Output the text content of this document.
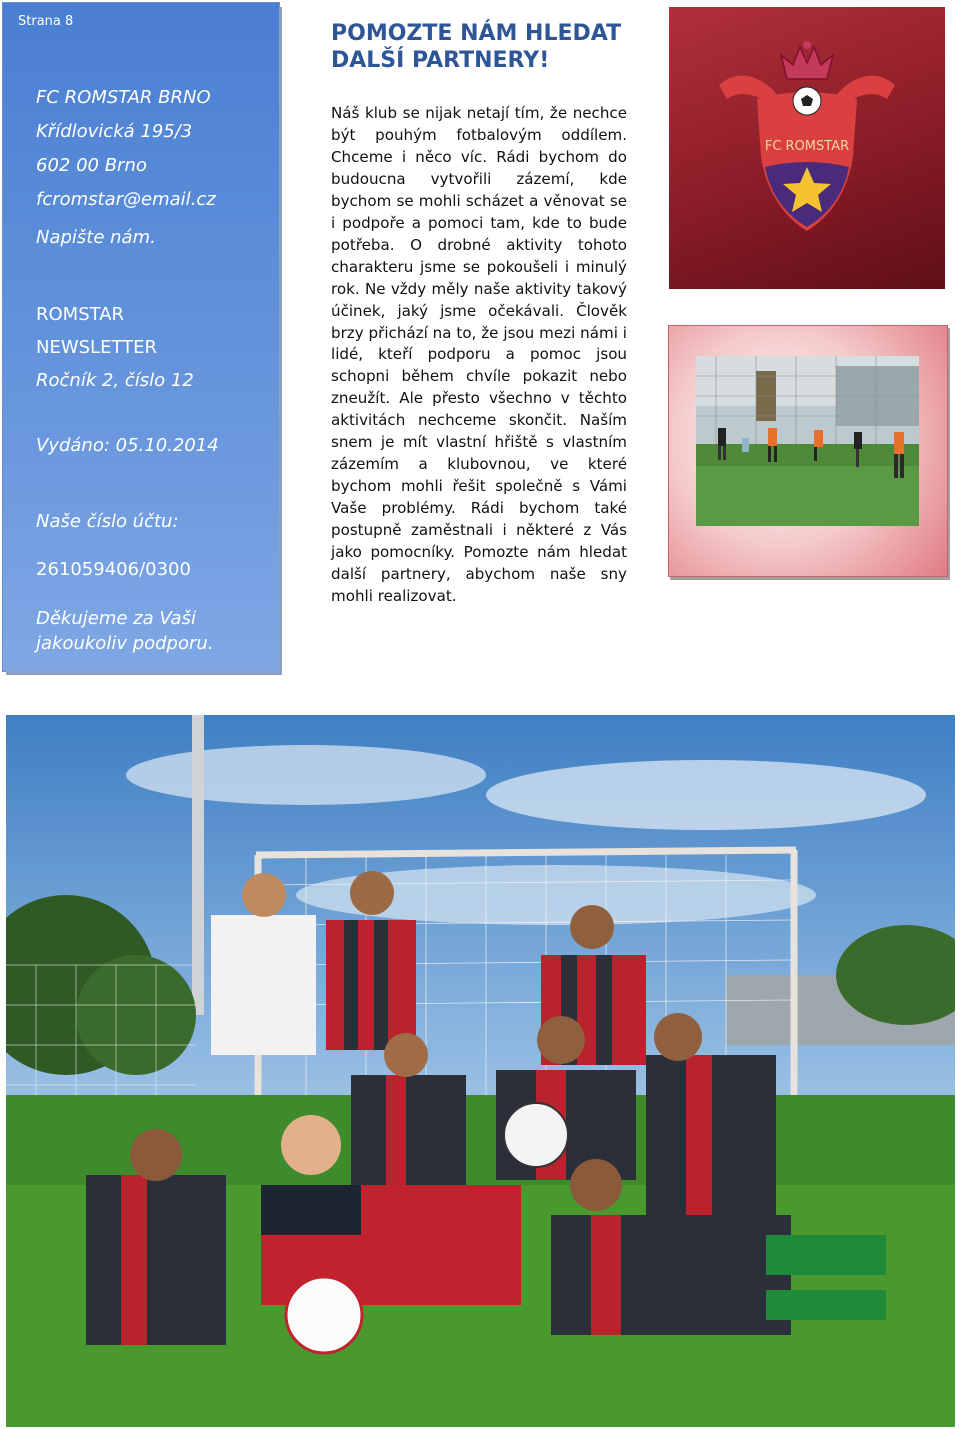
Strana 8
FC ROMSTAR BRNO
Křídlovická 195/3
602 00 Brno
fcromstar@email.cz
Napište nám.
ROMSTAR
NEWSLETTER
Ročník 2, číslo 12
Vydáno: 05.10.2014
Naše číslo účtu:
261059406/0300
Děkujeme za Vaši
jakoukoliv podporu.
POMOZTE NÁM HLEDAT
DALŠÍ PARTNERY!

Náš klub se nijak netají tím, že nechce být pouhým fotbalovým oddílem. Chceme i něco víc. Rádi bychom do budoucna vytvořili zázemí, kde bychom se mohli scházet a věnovat se i podpoře a pomoci tam, kde to bude potřeba. O drobné aktivity tohoto charakteru jsme se pokoušeli i minulý rok. Ne vždy měly naše aktivity takový účinek, jaký jsme očekávali. Člověk brzy přichází na to, že jsou mezi námi i lidé, kteří podporu a pomoc jsou schopni během chvíle pokazit nebo zneužít. Ale přesto všechno v těchto aktivitách nechceme skončit. Naším snem je mít vlastní hřiště s vlastním zázemím a klubovnou, ve které bychom mohli řešit společně s Vámi Vaše problémy. Rádi bychom také postupně zaměstnali i některé z Vás jako pomocníky. Pomozte nám hledat další partnery, abychom naše sny mohli realizovat.

FC ROMSTAR
